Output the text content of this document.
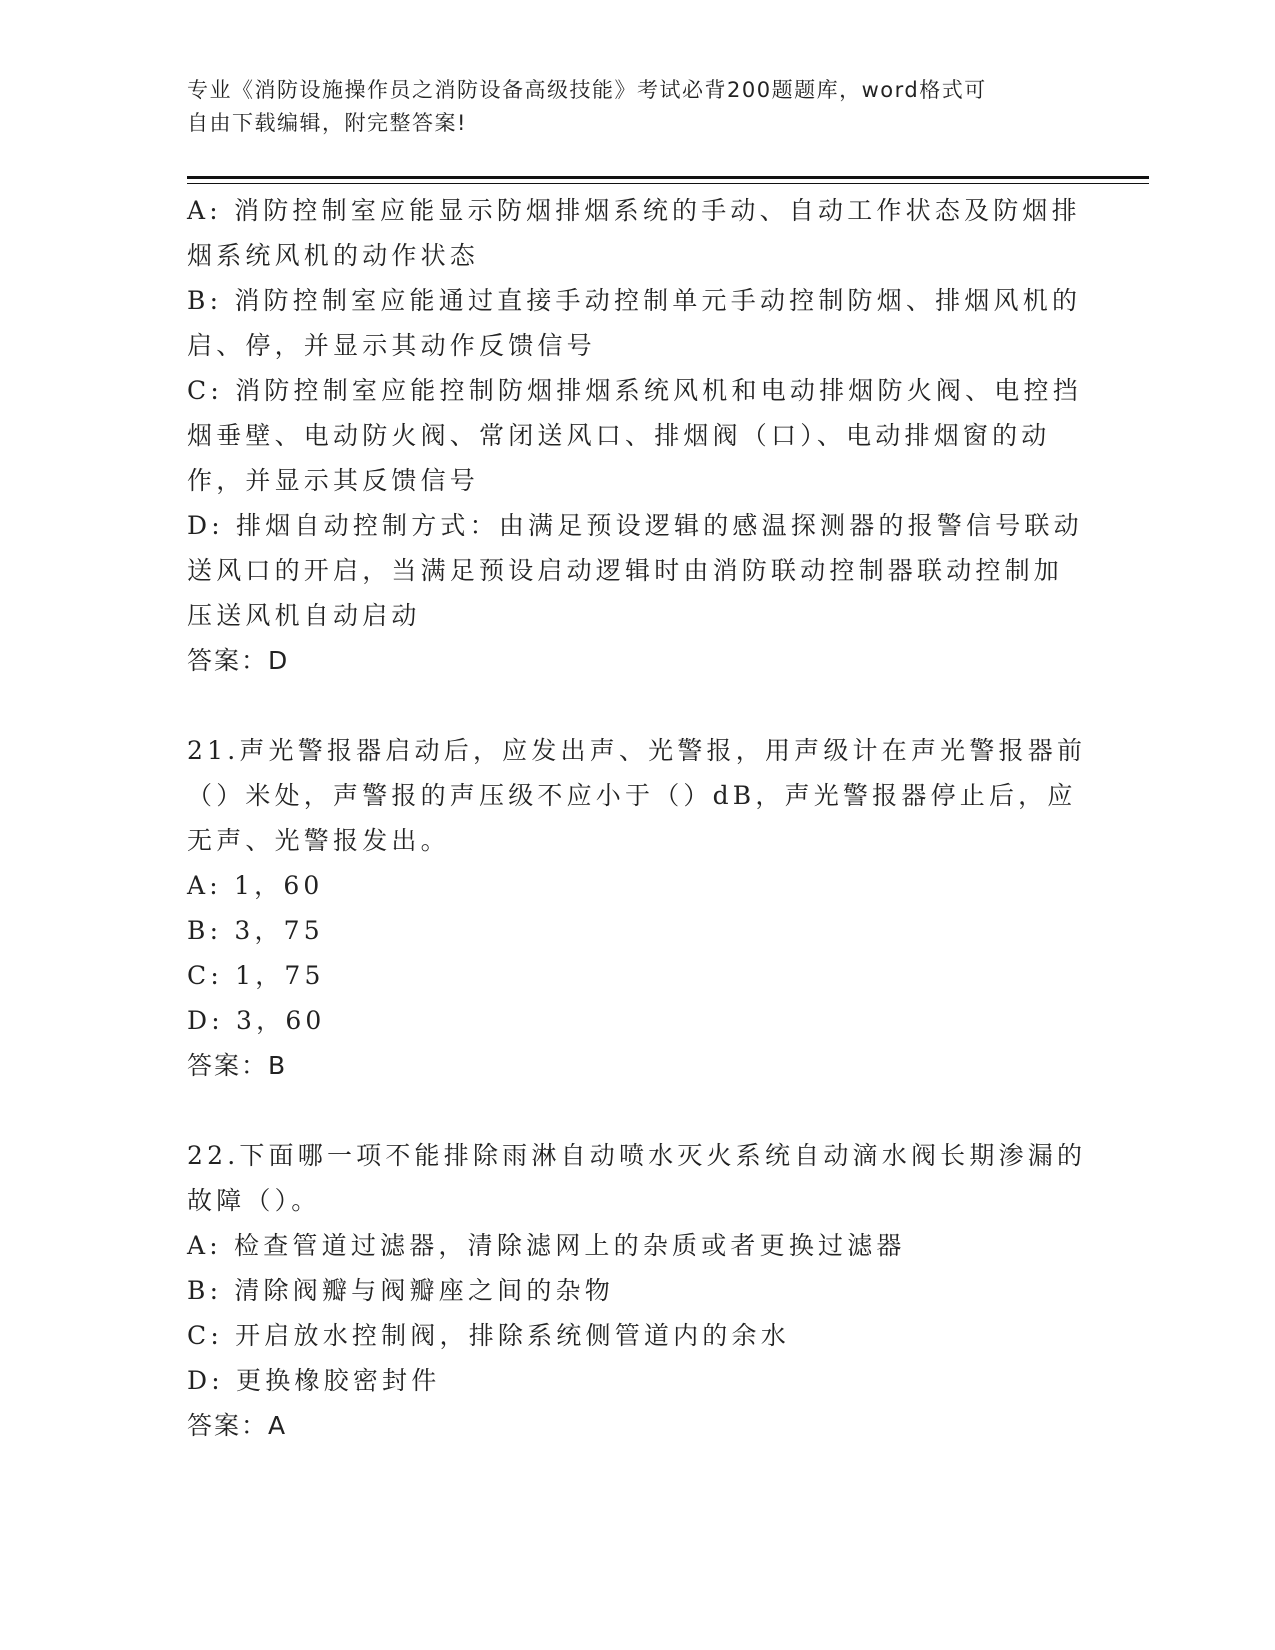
专业《消防设施操作员之消防设备高级技能》考试必背200题题库，word格式可
自由下载编辑，附完整答案!
A: 消防控制室应能显示防烟排烟系统的手动、自动工作状态及防烟排
烟系统风机的动作状态
B: 消防控制室应能通过直接手动控制单元手动控制防烟、排烟风机的
启、停，并显示其动作反馈信号
C: 消防控制室应能控制防烟排烟系统风机和电动排烟防火阀、电控挡
烟垂壁、电动防火阀、常闭送风口、排烟阀（口）、电动排烟窗的动
作，并显示其反馈信号
D: 排烟自动控制方式：由满足预设逻辑的感温探测器的报警信号联动
送风口的开启，当满足预设启动逻辑时由消防联动控制器联动控制加
压送风机自动启动
答案：D
21.声光警报器启动后，应发出声、光警报，用声级计在声光警报器前
（）米处，声警报的声压级不应小于（）dB，声光警报器停止后，应
无声、光警报发出。
A: 1，60
B: 3，75
C: 1，75
D: 3，60
答案：B
22.下面哪一项不能排除雨淋自动喷水灭火系统自动滴水阀长期渗漏的
故障（）。
A: 检查管道过滤器，清除滤网上的杂质或者更换过滤器
B: 清除阀瓣与阀瓣座之间的杂物
C: 开启放水控制阀，排除系统侧管道内的余水
D: 更换橡胶密封件
答案：A
